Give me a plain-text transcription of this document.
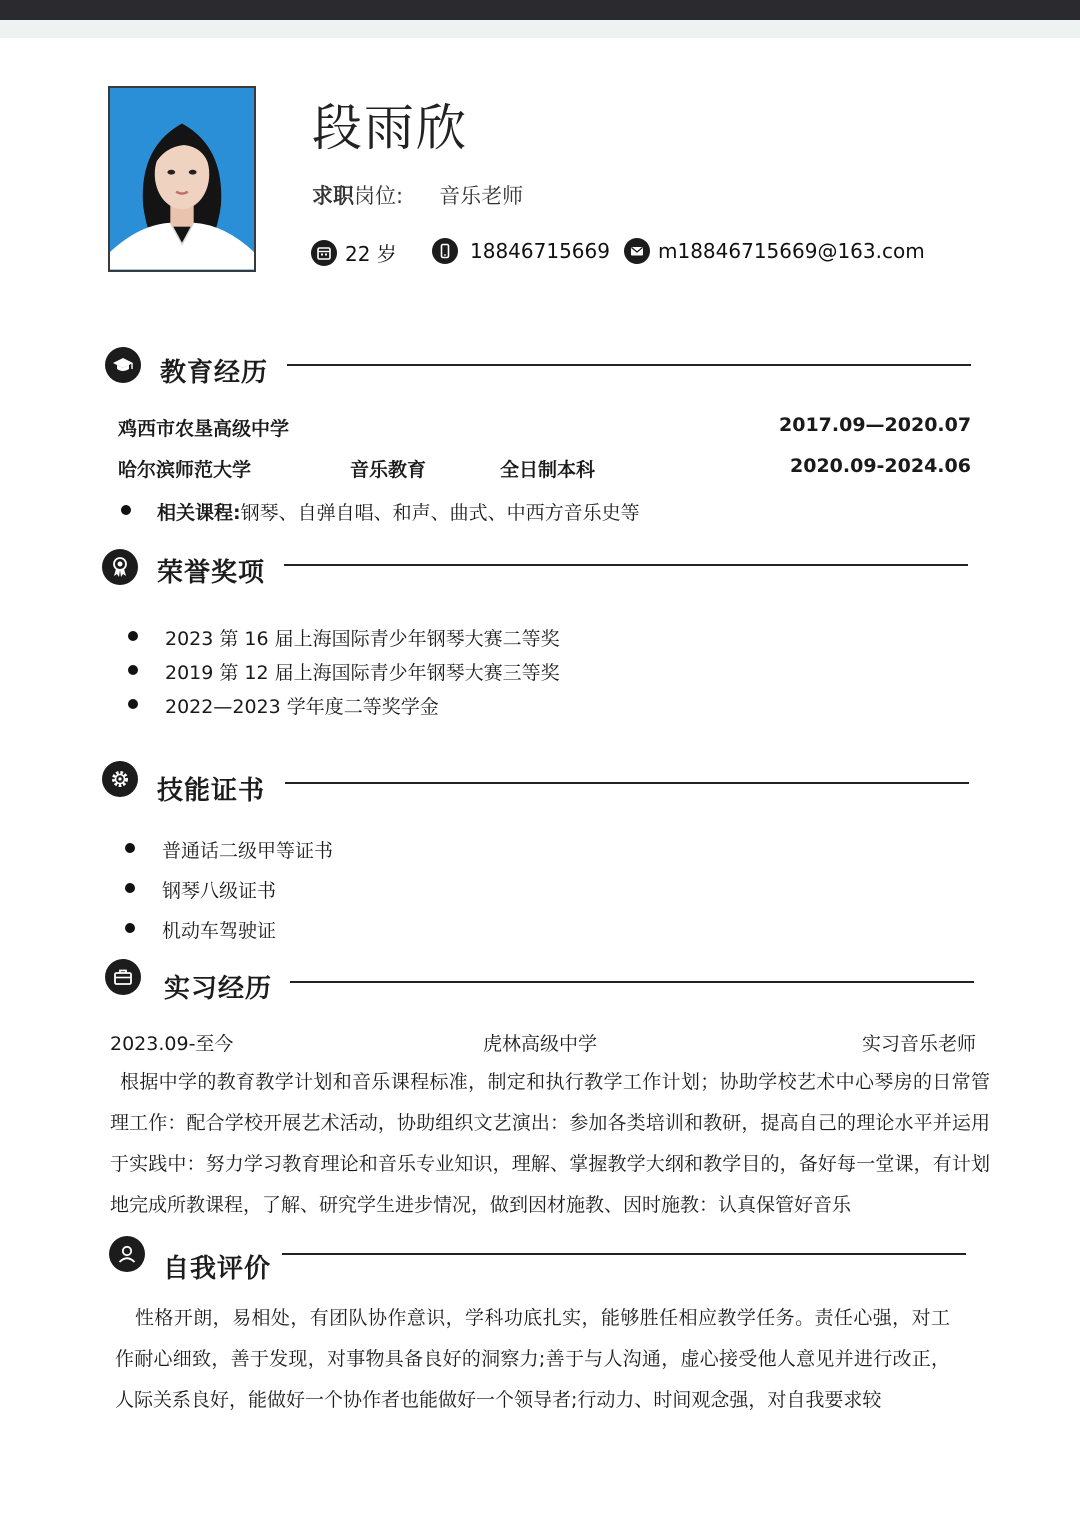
段雨欣
求职岗位: 音乐老师
22 岁	18846715669 m18846715669@163.com
教育经历
鸡西市农垦高级中学	2017.09—2020.07
哈尔滨师范大学	音乐教育	全日制本科	2020.09-2024.06
相关课程:钢琴、自弹自唱、和声、曲式、中西方音乐史等
荣誉奖项
2023 第 16 届上海国际青少年钢琴大赛二等奖
2019 第 12 届上海国际青少年钢琴大赛三等奖
2022—2023 学年度二等奖学金
技能证书
普通话二级甲等证书
钢琴八级证书
机动车驾驶证
实习经历
2023.09-至今	虎林高级中学	实习音乐老师
根据中学的教育教学计划和音乐课程标准，制定和执行教学工作计划；协助学校艺术中心琴房的日常管理工作：配合学校开展艺术活动，协助组织文艺演出：参加各类培训和教研，提高自己的理论水平并运用于实践中：努力学习教育理论和音乐专业知识，理解、掌握教学大纲和教学目的，备好每一堂课，有计划地完成所教课程，了解、研究学生进步情况，做到因材施教、因时施教：认真保管好音乐
自我评价
性格开朗，易相处，有团队协作意识，学科功底扎实，能够胜任相应教学任务。责任心强，对工作耐心细致，善于发现，对事物具备良好的洞察力;善于与人沟通，虚心接受他人意见并进行改正，人际关系良好，能做好一个协作者也能做好一个领导者;行动力、时间观念强，对自我要求较
